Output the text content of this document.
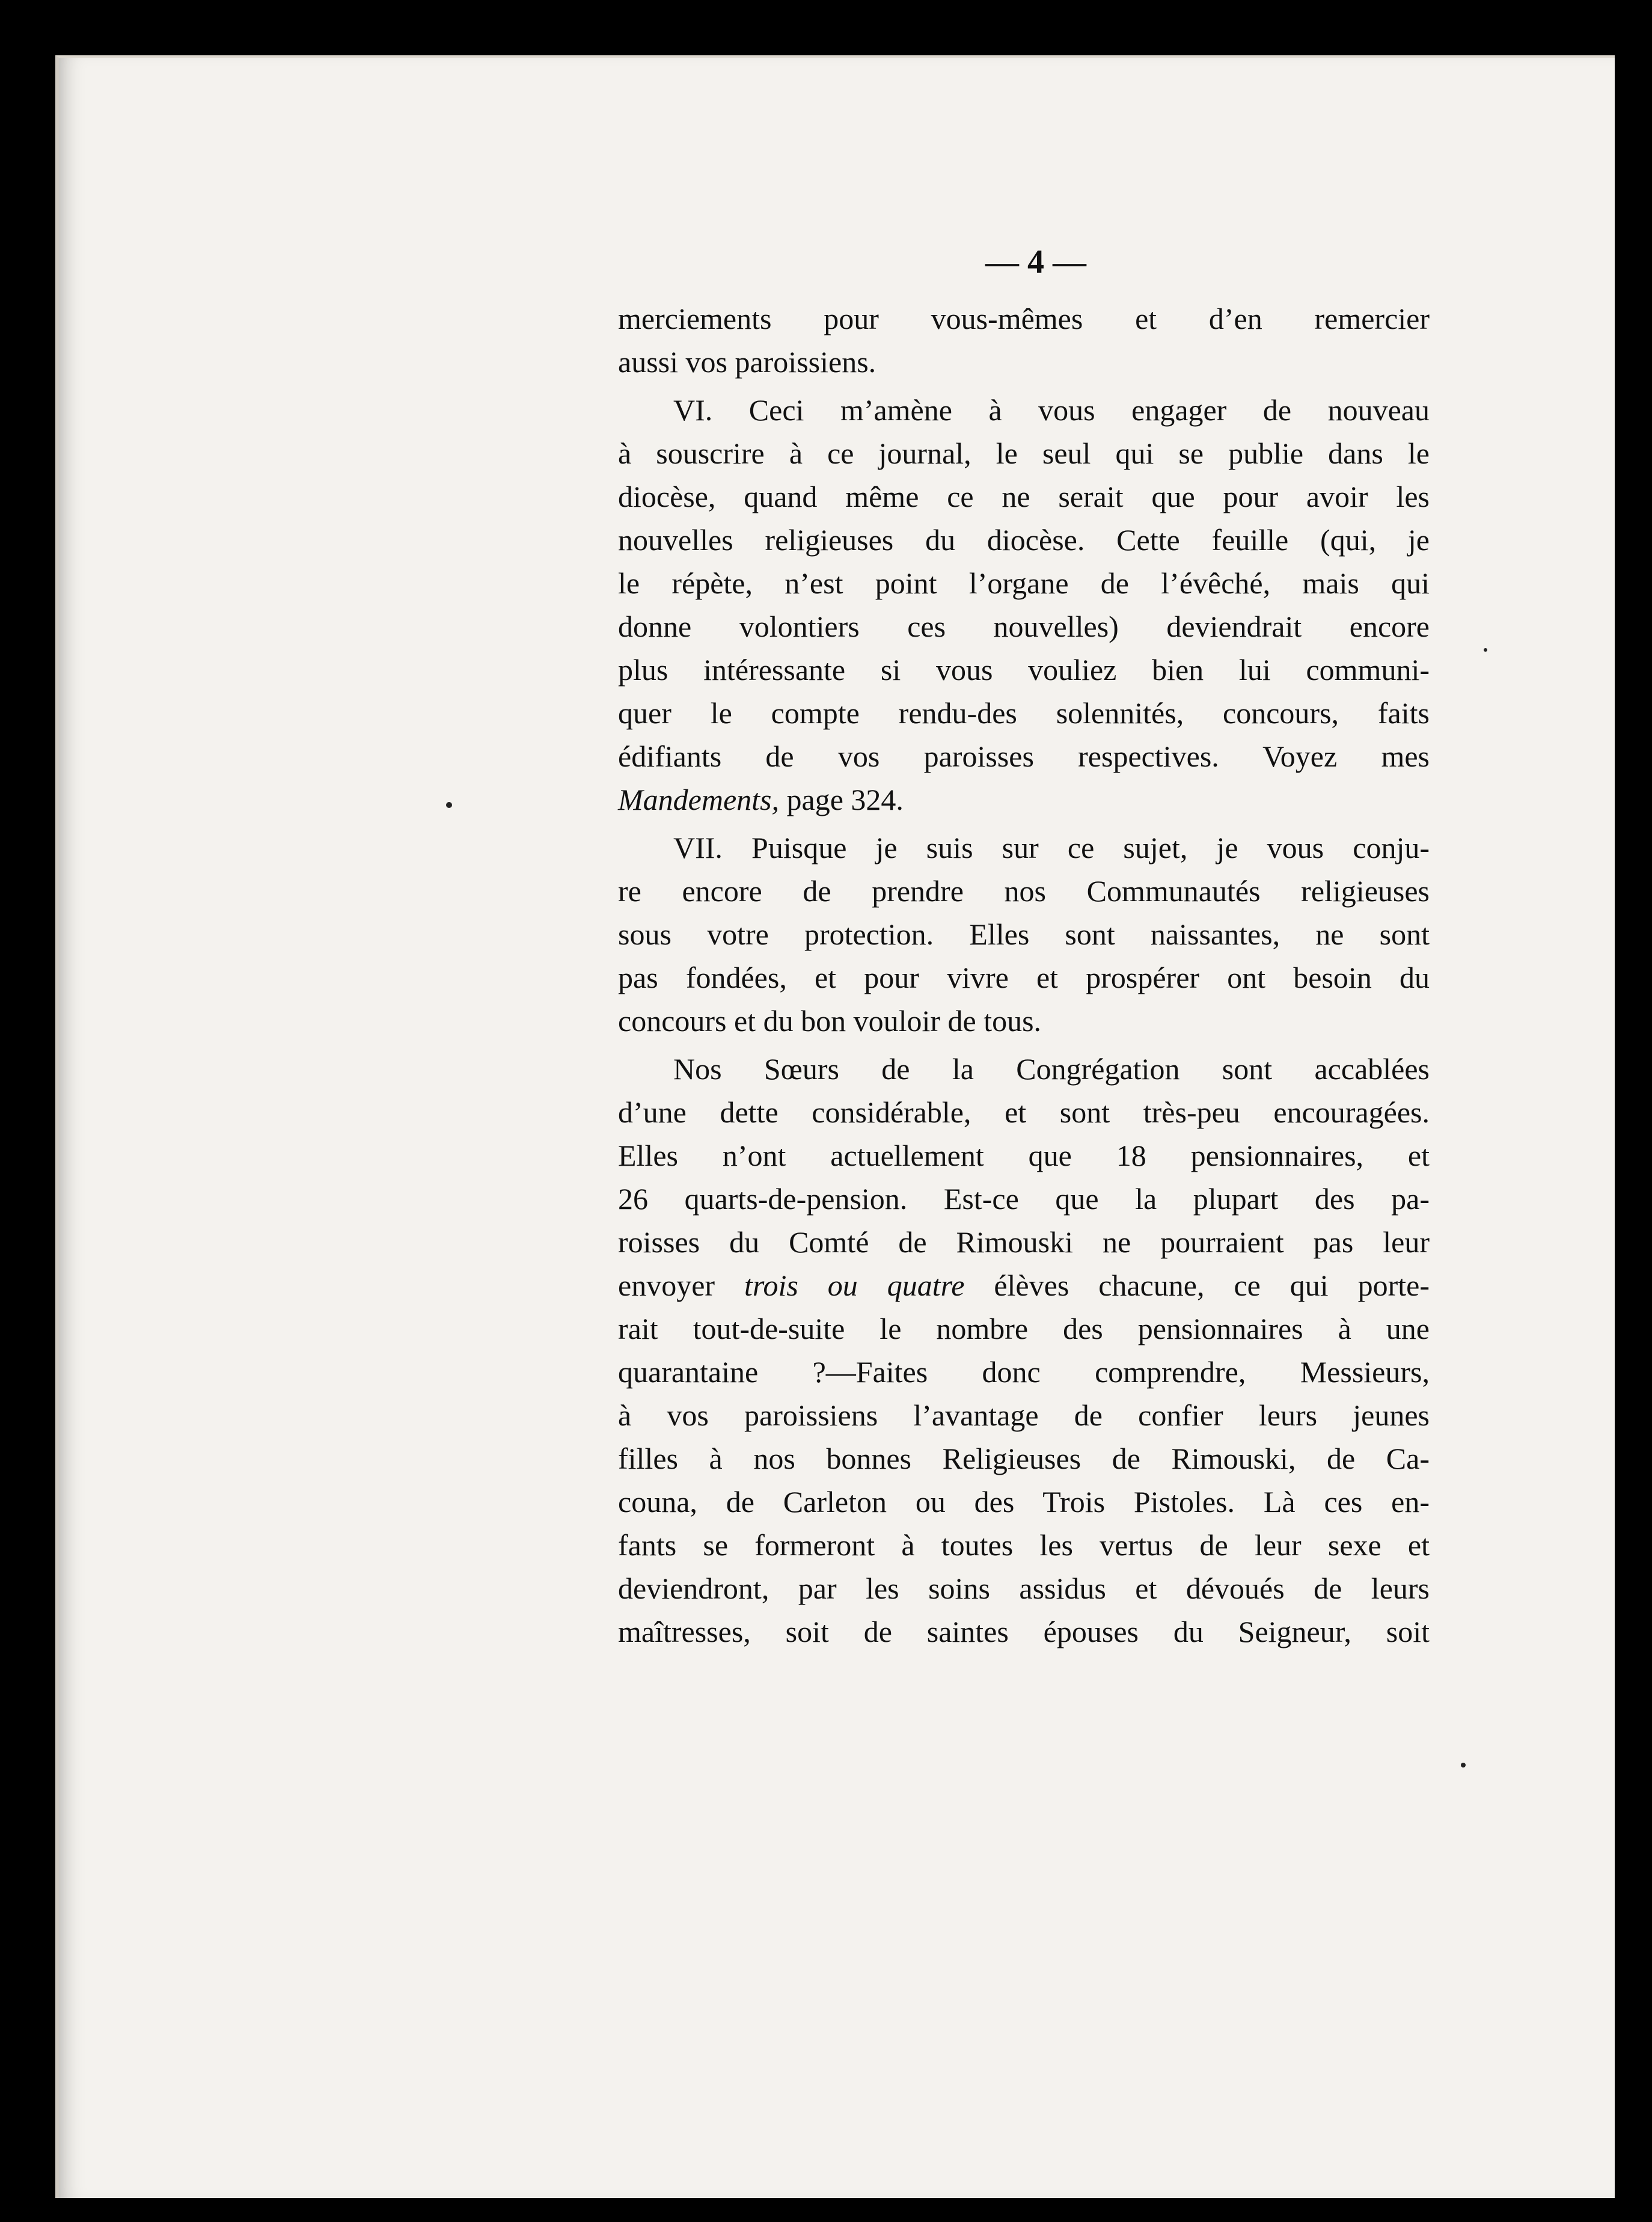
— 4 —
merciements pour vous-mêmes et d’en remercier
aussi vos paroissiens.
VI. Ceci m’amène à vous engager de nouveau
à souscrire à ce journal, le seul qui se publie dans le
diocèse, quand même ce ne serait que pour avoir les
nouvelles religieuses du diocèse. Cette feuille (qui, je
le répète, n’est point l’organe de l’évêché, mais qui
donne volontiers ces nouvelles) deviendrait encore
plus intéressante si vous vouliez bien lui communi-
quer le compte rendu-des solennités, concours, faits
édifiants de vos paroisses respectives. Voyez mes
Mandements, page 324.
VII. Puisque je suis sur ce sujet, je vous conju-
re encore de prendre nos Communautés religieuses
sous votre protection. Elles sont naissantes, ne sont
pas fondées, et pour vivre et prospérer ont besoin du
concours et du bon vouloir de tous.
Nos Sœurs de la Congrégation sont accablées
d’une dette considérable, et sont très-peu encouragées.
Elles n’ont actuellement que 18 pensionnaires, et
26 quarts-de-pension. Est-ce que la plupart des pa-
roisses du Comté de Rimouski ne pourraient pas leur
envoyer trois ou quatre élèves chacune, ce qui porte-
rait tout-de-suite le nombre des pensionnaires à une
quarantaine ?—Faites donc comprendre, Messieurs,
à vos paroissiens l’avantage de confier leurs jeunes
filles à nos bonnes Religieuses de Rimouski, de Ca-
couna, de Carleton ou des Trois Pistoles. Là ces en-
fants se formeront à toutes les vertus de leur sexe et
deviendront, par les soins assidus et dévoués de leurs
maîtresses, soit de saintes épouses du Seigneur, soit
